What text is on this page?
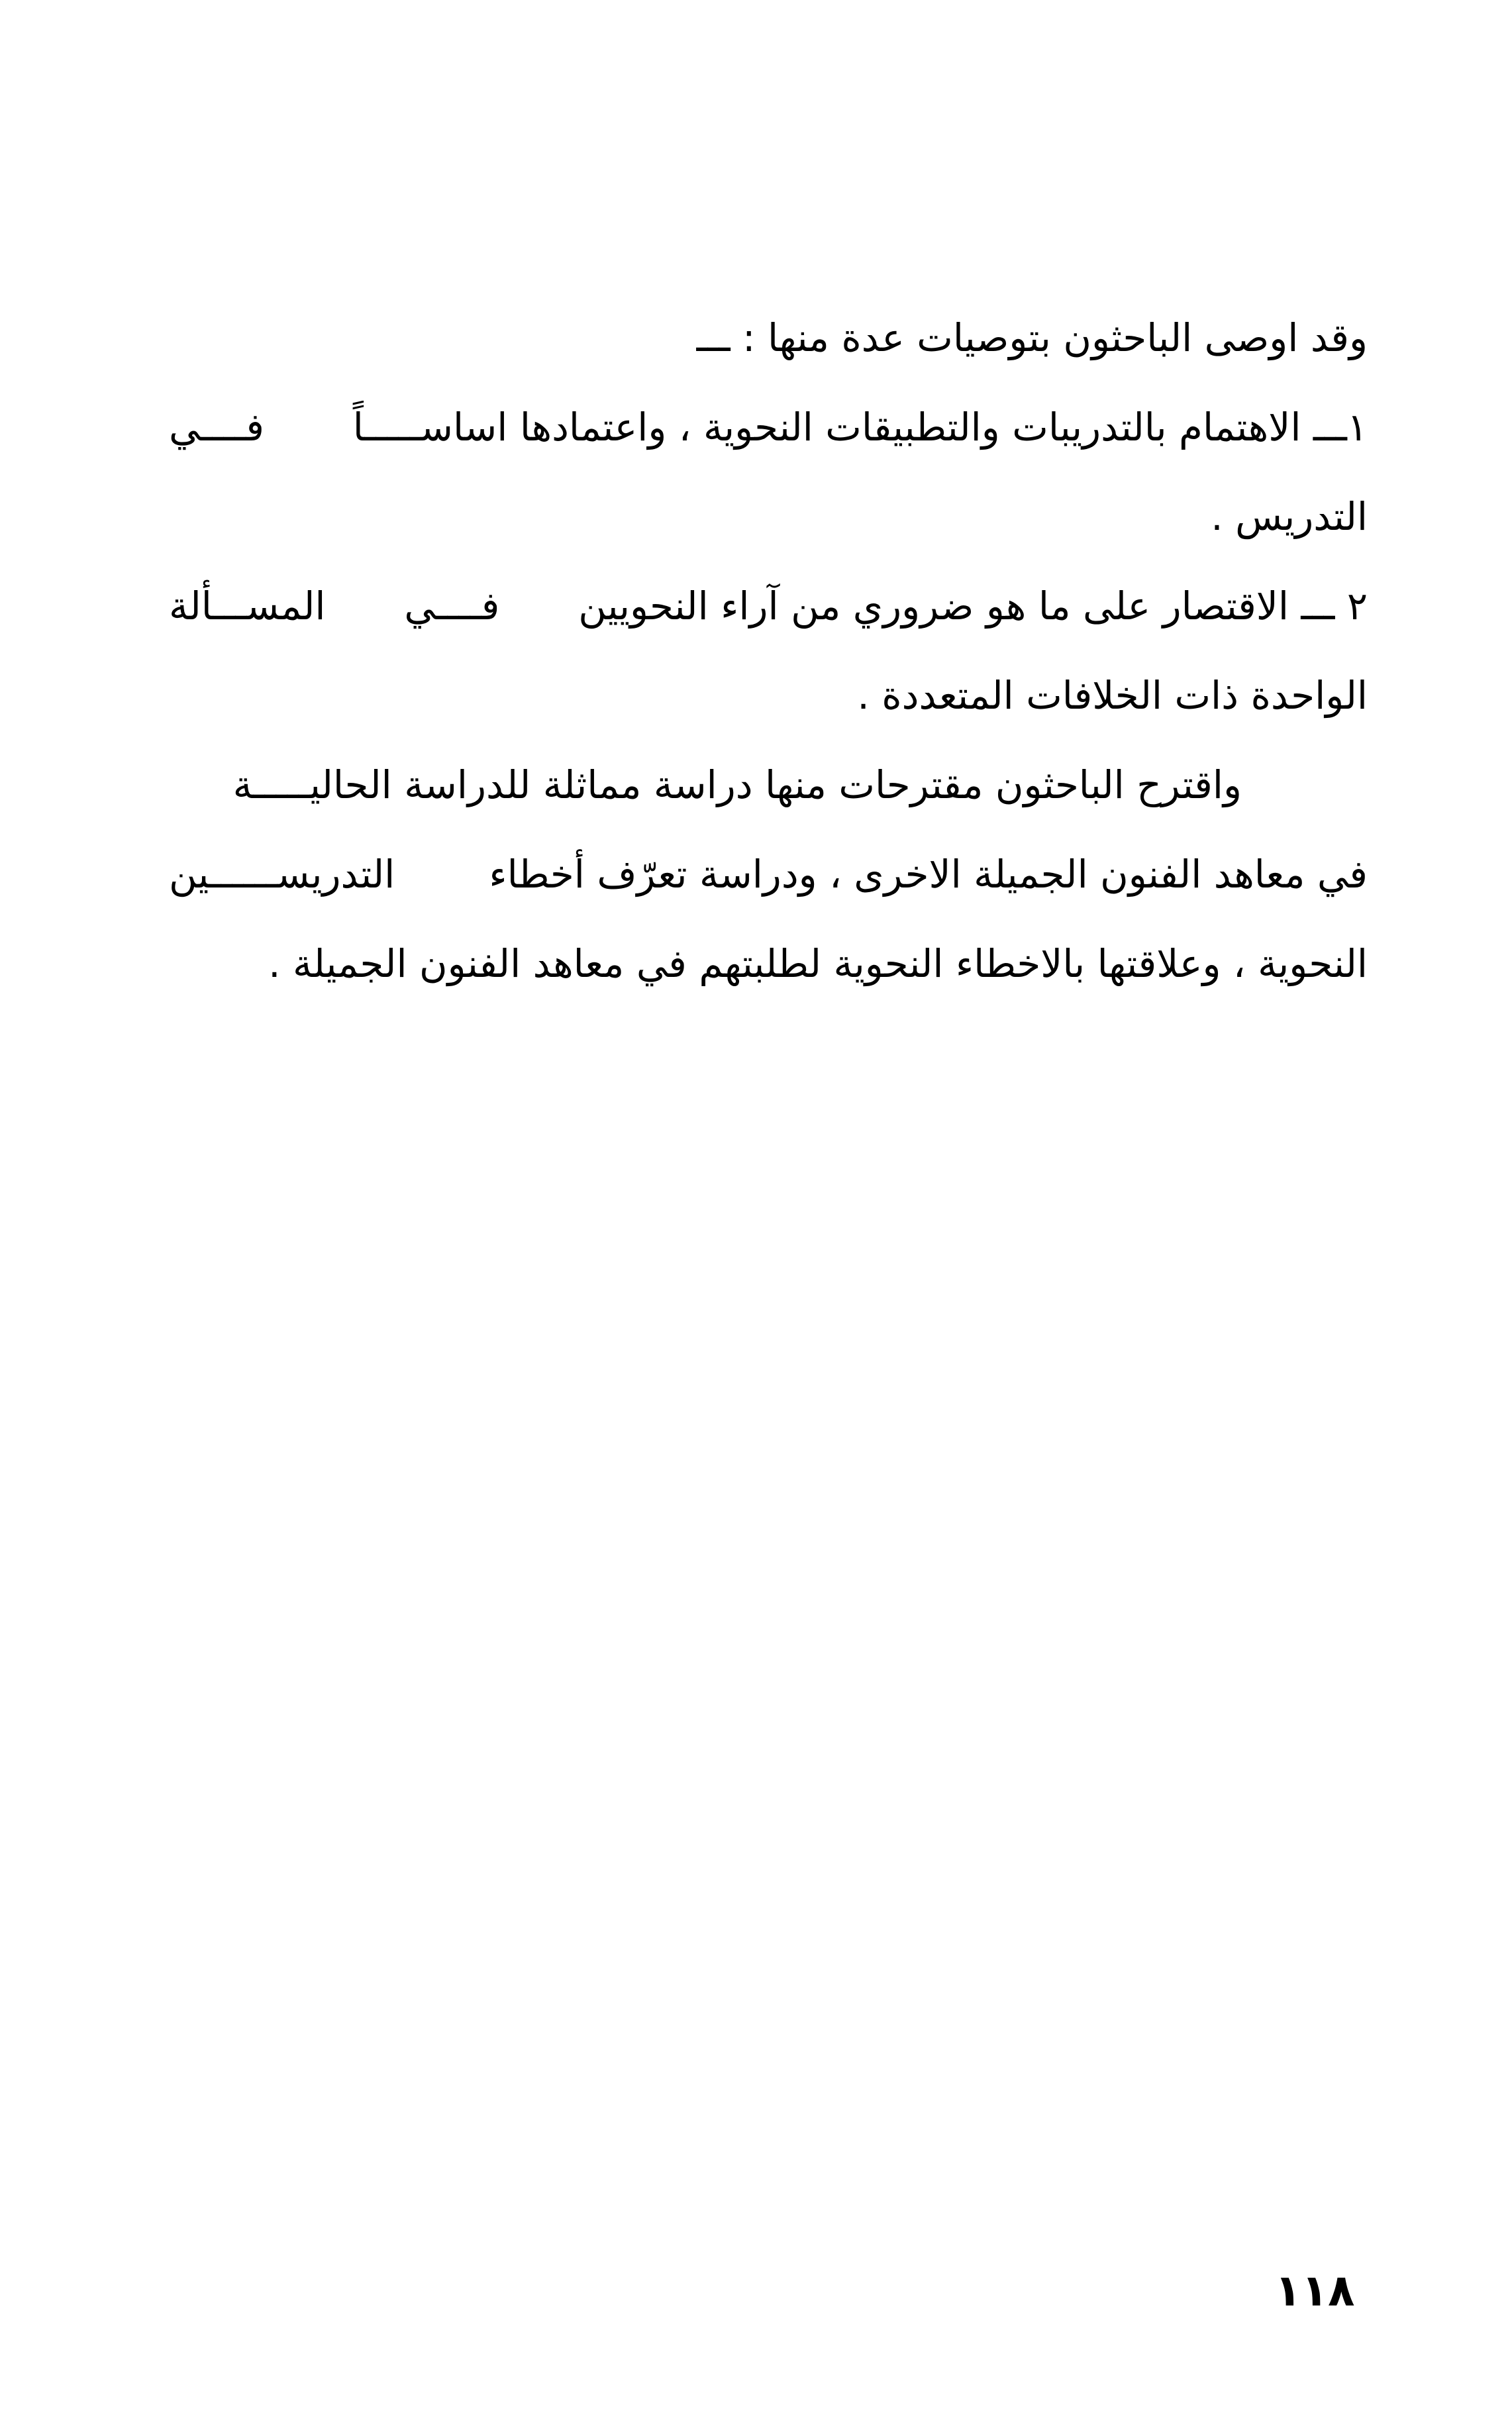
وقد اوصى الباحثون بتوصيات عدة منها : ـــ
١ـــ الاهتمام بالتدريبات والتطبيقات النحوية ، واعتمادها اساســـــاً
فــــي
التدريس .
٢ ـــ الاقتصار على ما هو ضروري من آراء النحويين
فــــي
المســـألة
الواحدة ذات الخلافات المتعددة .
واقترح الباحثون مقترحات منها دراسة مماثلة للدراسة الحاليـــــة
في معاهد الفنون الجميلة الاخرى ، ودراسة تعرّف أخطاء
التدريســــــين
النحوية ، وعلاقتها بالاخطاء النحوية لطلبتهم في معاهد الفنون الجميلة .
١١٨
